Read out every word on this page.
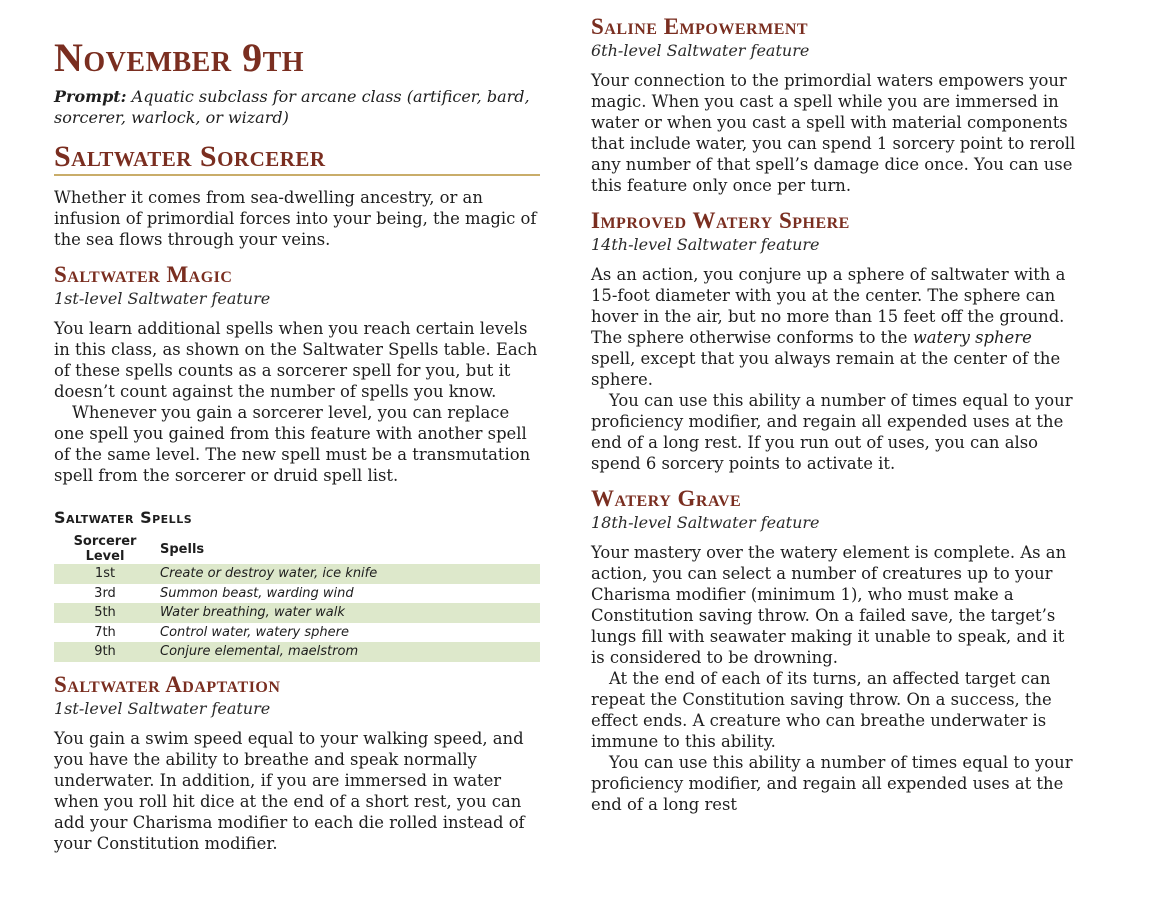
November 9th

Prompt: Aquatic subclass for arcane class (artificer, bard, sorcerer, warlock, or wizard)

Saltwater Sorcerer

Whether it comes from sea-dwelling ancestry, or an infusion of primordial forces into your being, the magic of the sea flows through your veins.

Saltwater Magic

1st-level Saltwater feature

You learn additional spells when you reach certain levels in this class, as shown on the Saltwater Spells table. Each of these spells counts as a sorcerer spell for you, but it doesn’t count against the number of spells you know.

Whenever you gain a sorcerer level, you can replace one spell you gained from this feature with another spell of the same level. The new spell must be a transmutation spell from the sorcerer or druid spell list.

Saltwater Spells

Sorcerer Level	Spells
1st	Create or destroy water, ice knife
3rd	Summon beast, warding wind
5th	Water breathing, water walk
7th	Control water, watery sphere
9th	Conjure elemental, maelstrom
Saltwater Adaptation

1st-level Saltwater feature

You gain a swim speed equal to your walking speed, and you have the ability to breathe and speak normally underwater. In addition, if you are immersed in water when you roll hit dice at the end of a short rest, you can add your Charisma modifier to each die rolled instead of your Constitution modifier.

Saline Empowerment

6th-level Saltwater feature

Your connection to the primordial waters empowers your magic. When you cast a spell while you are immersed in water or when you cast a spell with material components that include water, you can spend 1 sorcery point to reroll any number of that spell’s damage dice once. You can use this feature only once per turn.

Improved Watery Sphere

14th-level Saltwater feature

As an action, you conjure up a sphere of saltwater with a 15-foot diameter with you at the center. The sphere can hover in the air, but no more than 15 feet off the ground. The sphere otherwise conforms to the watery sphere spell, except that you always remain at the center of the sphere.

You can use this ability a number of times equal to your proficiency modifier, and regain all expended uses at the end of a long rest. If you run out of uses, you can also spend 6 sorcery points to activate it.

Watery Grave

18th-level Saltwater feature

Your mastery over the watery element is complete. As an action, you can select a number of creatures up to your Charisma modifier (minimum 1), who must make a Constitution saving throw. On a failed save, the target’s lungs fill with seawater making it unable to speak, and it is considered to be drowning.

At the end of each of its turns, an affected target can repeat the Constitution saving throw. On a success, the effect ends. A creature who can breathe underwater is immune to this ability.

You can use this ability a number of times equal to your proficiency modifier, and regain all expended uses at the end of a long rest
